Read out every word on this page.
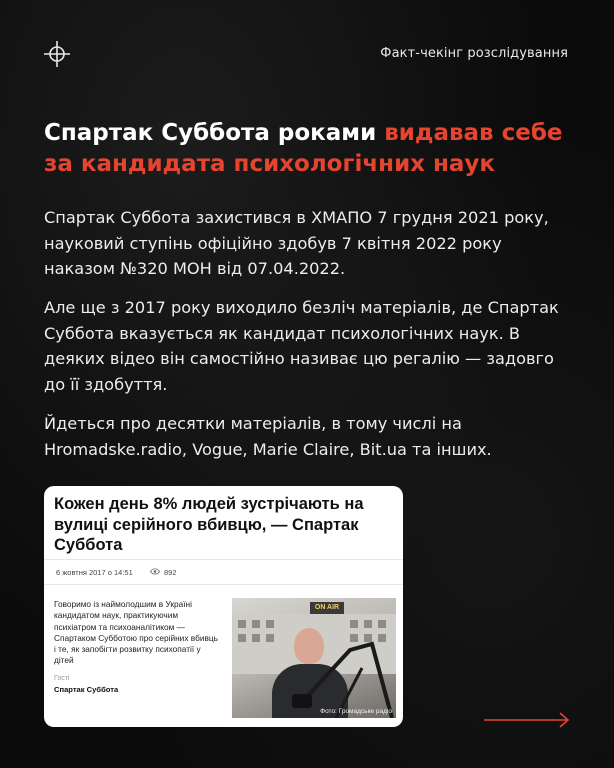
Факт-чекінг розслідування
Спартак Суббота роками видавав себе
за кандидата психологічних наук
Спартак Суббота захистився в ХМАПО 7 грудня 2021 року, науковий ступінь офіційно здобув 7 квітня 2022 року наказом №320 МОН від 07.04.2022.
Але ще з 2017 року виходило безліч матеріалів, де Спартак Суббота вказується як кандидат психологічних наук. В деяких відео він самостійно називає цю регалію — задовго до її здобуття.
Йдеться про десятки матеріалів, в тому числі на Hromadske.radio, Vogue, Marie Claire, Bit.ua та інших.
Кожен день 8% людей зустрічають на вулиці серійного вбивцю, — Спартак Суббота
6 жовтня 2017 о 14:51	892
Говоримо із наймолодшим в Україні кандидатом наук, практикуючим психіатром та психоаналітиком — Спартаком Субботою про серійних вбивць і те, як запобігти розвитку психопатії у дітей
Гості
Спартак Суббота
ON AIR
Фото: Громадське радіо
